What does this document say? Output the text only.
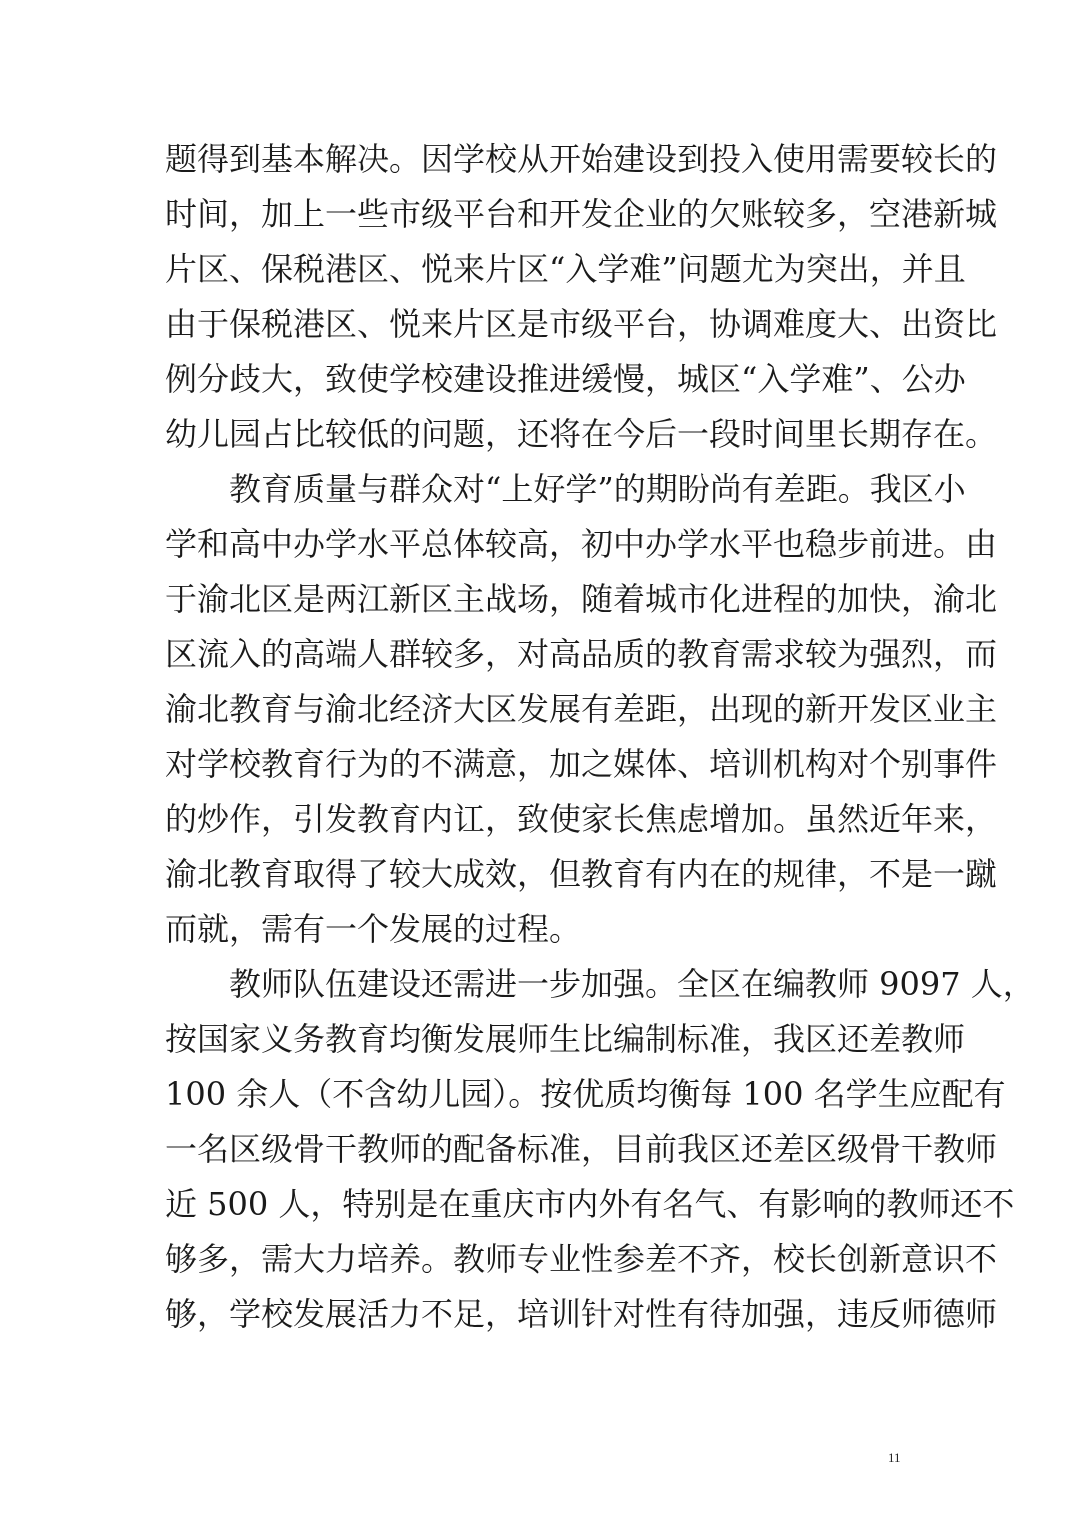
题得到基本解决。因学校从开始建设到投入使用需要较长的
时间，加上一些市级平台和开发企业的欠账较多，空港新城
片区、保税港区、悦来片区“入学难”问题尤为突出，并且
由于保税港区、悦来片区是市级平台，协调难度大、出资比
例分歧大，致使学校建设推进缓慢，城区“入学难”、公办
幼儿园占比较低的问题，还将在今后一段时间里长期存在。
　　教育质量与群众对“上好学”的期盼尚有差距。我区小
学和高中办学水平总体较高，初中办学水平也稳步前进。由
于渝北区是两江新区主战场，随着城市化进程的加快，渝北
区流入的高端人群较多，对高品质的教育需求较为强烈，而
渝北教育与渝北经济大区发展有差距，出现的新开发区业主
对学校教育行为的不满意，加之媒体、培训机构对个别事件
的炒作，引发教育内讧，致使家长焦虑增加。虽然近年来，
渝北教育取得了较大成效，但教育有内在的规律，不是一蹴
而就，需有一个发展的过程。
　　教师队伍建设还需进一步加强。全区在编教师 9097 人，
按国家义务教育均衡发展师生比编制标准，我区还差教师
100 余人（不含幼儿园）。按优质均衡每 100 名学生应配有
一名区级骨干教师的配备标准，目前我区还差区级骨干教师
近 500 人，特别是在重庆市内外有名气、有影响的教师还不
够多，需大力培养。教师专业性参差不齐，校长创新意识不
够，学校发展活力不足，培训针对性有待加强，违反师德师
11
